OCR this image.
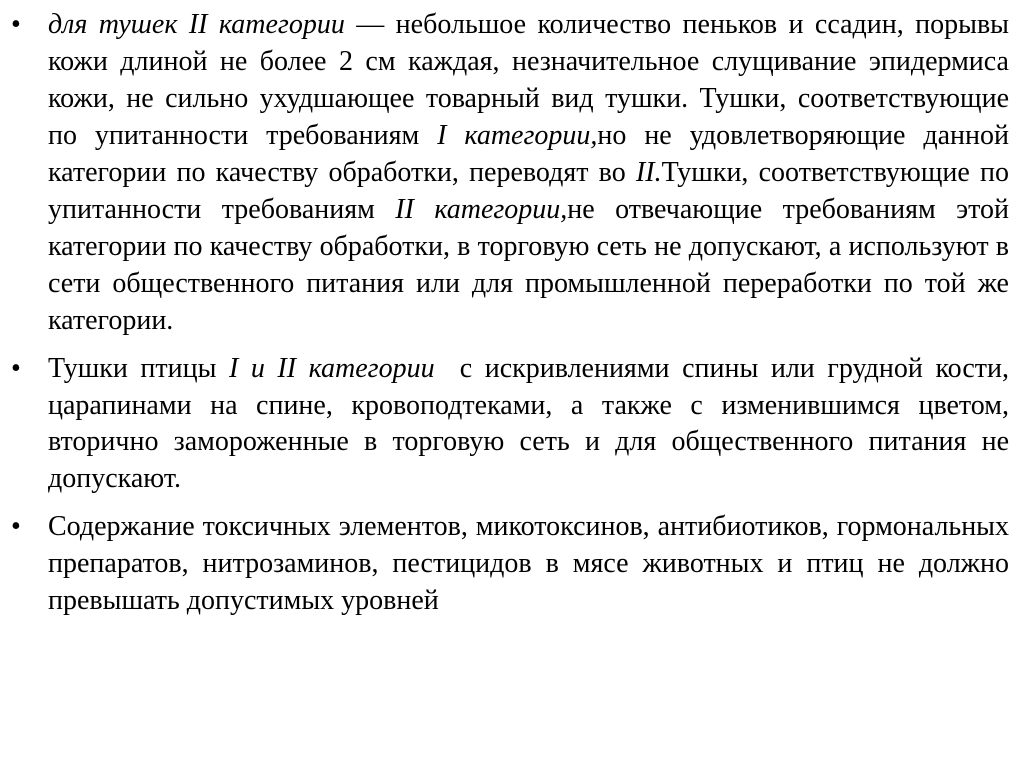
• для тушек II категории — небольшое количество пеньков и ссадин, порывы кожи длиной не более 2 см каждая, незначительное слущивание эпидермиса кожи, не сильно ухудшающее товарный вид тушки. Тушки, соответствующие по упитанности требованиям I категории,но не удовлетворяющие данной категории по качеству обработки, переводят во II.Тушки, соответствующие по упитанности требованиям II категории,не отвечающие требованиям этой категории по качеству обработки, в торговую сеть не допускают, а используют в сети общественного питания или для промышленной переработки по той же категории.
• Тушки птицы I и II категории  с искривлениями спины или грудной кости, царапинами на спине, кровоподтеками, а также с изменившимся цветом, вторично замороженные в торговую сеть и для общественного питания не допускают.
• Содержание токсичных элементов, микотоксинов, антибиотиков, гормональных препаратов, нитрозаминов, пестицидов в мясе животных и птиц не должно превышать допустимых уровней
